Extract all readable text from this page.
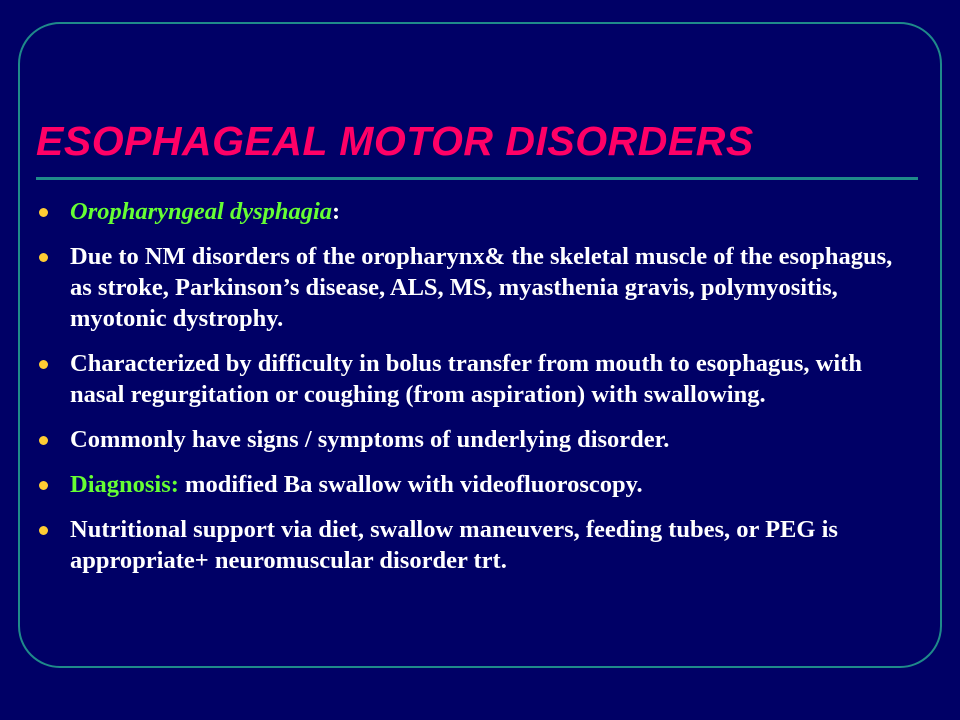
ESOPHAGEAL MOTOR DISORDERS
Oropharyngeal dysphagia:
Due to NM disorders of the oropharynx& the skeletal muscle of the esophagus, as stroke, Parkinson’s disease, ALS, MS, myasthenia gravis, polymyositis, myotonic dystrophy.
Characterized by difficulty in bolus transfer from mouth to esophagus, with nasal regurgitation or coughing (from aspiration) with swallowing.
Commonly have signs / symptoms of underlying disorder.
Diagnosis: modified Ba swallow with videofluoroscopy.
Nutritional support via diet, swallow maneuvers, feeding tubes, or PEG is appropriate+ neuromuscular disorder trt.
